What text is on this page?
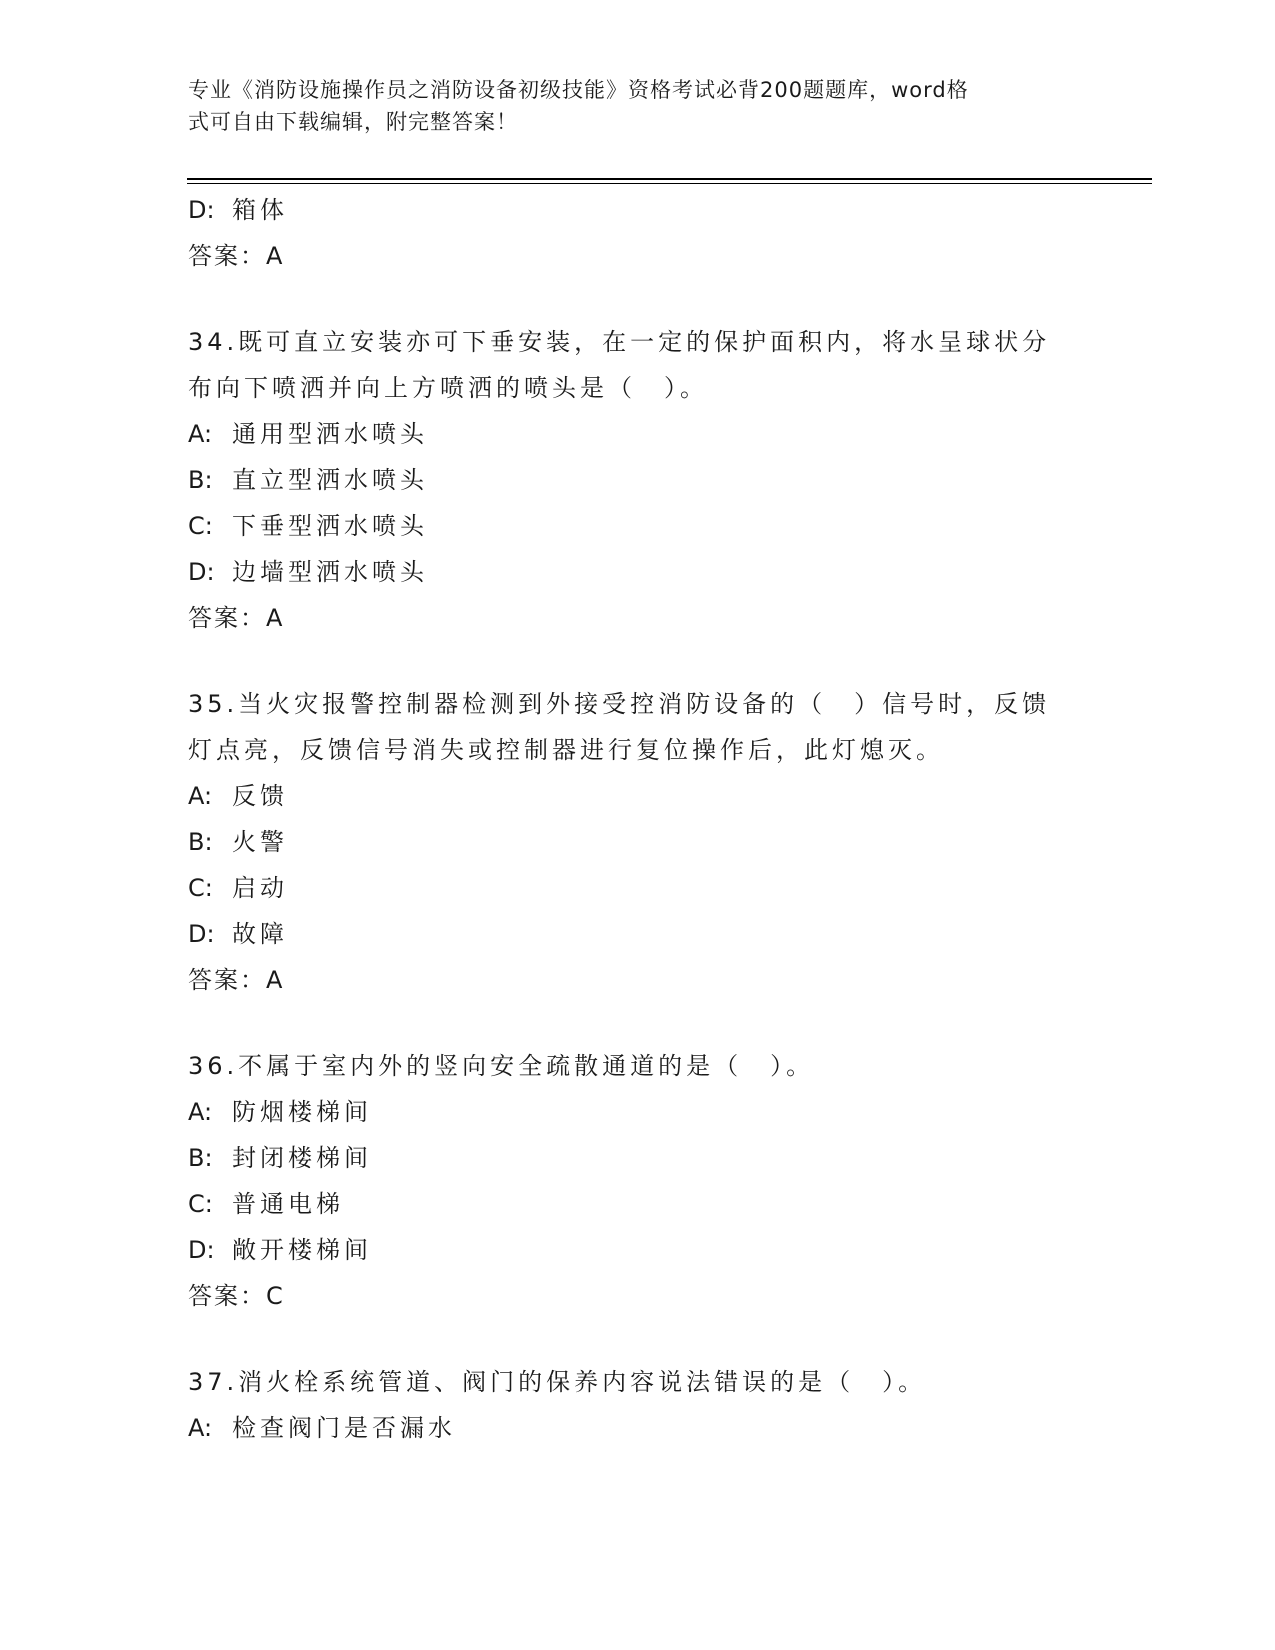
专业《消防设施操作员之消防设备初级技能》资格考试必背200题题库，word格
式可自由下载编辑，附完整答案！
D: 箱体
答案：A
34.既可直立安装亦可下垂安装，在一定的保护面积内，将水呈球状分
布向下喷洒并向上方喷洒的喷头是（　）。
A: 通用型洒水喷头
B: 直立型洒水喷头
C: 下垂型洒水喷头
D: 边墙型洒水喷头
答案：A
35.当火灾报警控制器检测到外接受控消防设备的（　）信号时，反馈
灯点亮，反馈信号消失或控制器进行复位操作后，此灯熄灭。
A: 反馈
B: 火警
C: 启动
D: 故障
答案：A
36.不属于室内外的竖向安全疏散通道的是（　）。
A: 防烟楼梯间
B: 封闭楼梯间
C: 普通电梯
D: 敞开楼梯间
答案：C
37.消火栓系统管道、阀门的保养内容说法错误的是（　）。
A: 检查阀门是否漏水
